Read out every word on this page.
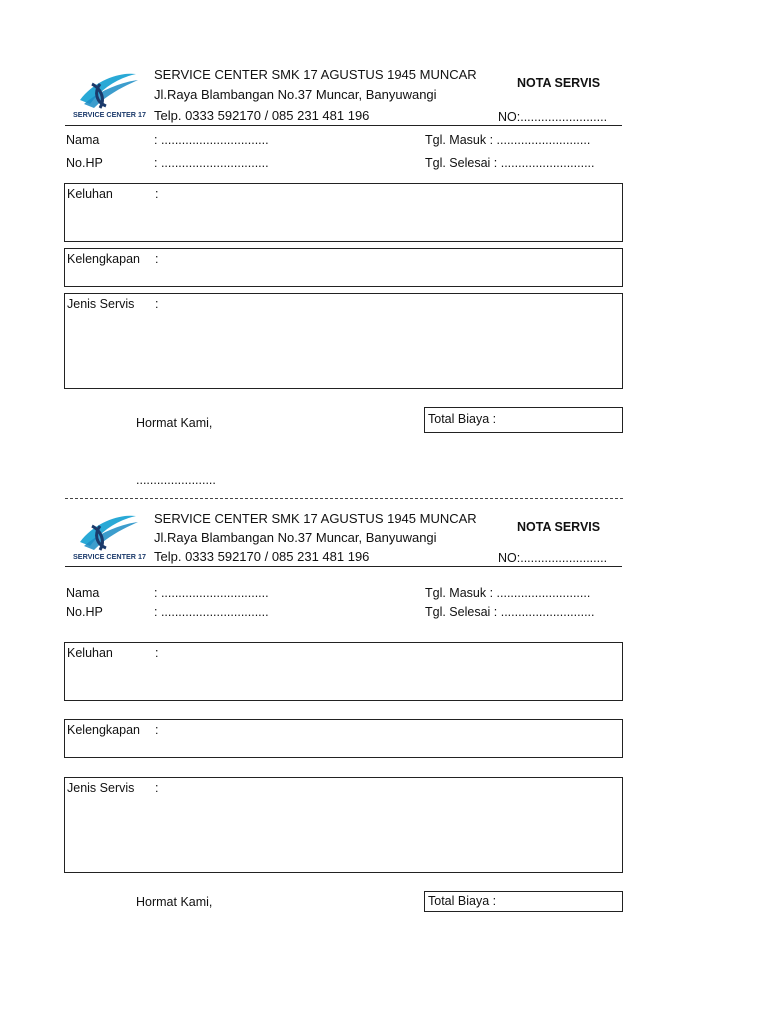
SERVICE CENTER 17
SERVICE CENTER SMK 17 AGUSTUS 1945 MUNCAR
Jl.Raya Blambangan No.37 Muncar, Banyuwangi
Telp. 0333 592170 / 085 231 481 196
NOTA SERVIS
NO:.........................
Nama	: ...............................	Tgl. Masuk : ...........................
No.HP	: ...............................	Tgl. Selesai : ...........................
Keluhan	:
Kelengkapan :
Jenis Servis :
Hormat Kami,	Total Biaya :
.......................
SERVICE CENTER 17
SERVICE CENTER SMK 17 AGUSTUS 1945 MUNCAR
Jl.Raya Blambangan No.37 Muncar, Banyuwangi
Telp. 0333 592170 / 085 231 481 196
NOTA SERVIS
NO:.........................
Nama	: ...............................	Tgl. Masuk : ...........................
No.HP	: ...............................	Tgl. Selesai : ...........................
Keluhan	:
Kelengkapan :
Jenis Servis :
Hormat Kami,	Total Biaya :
